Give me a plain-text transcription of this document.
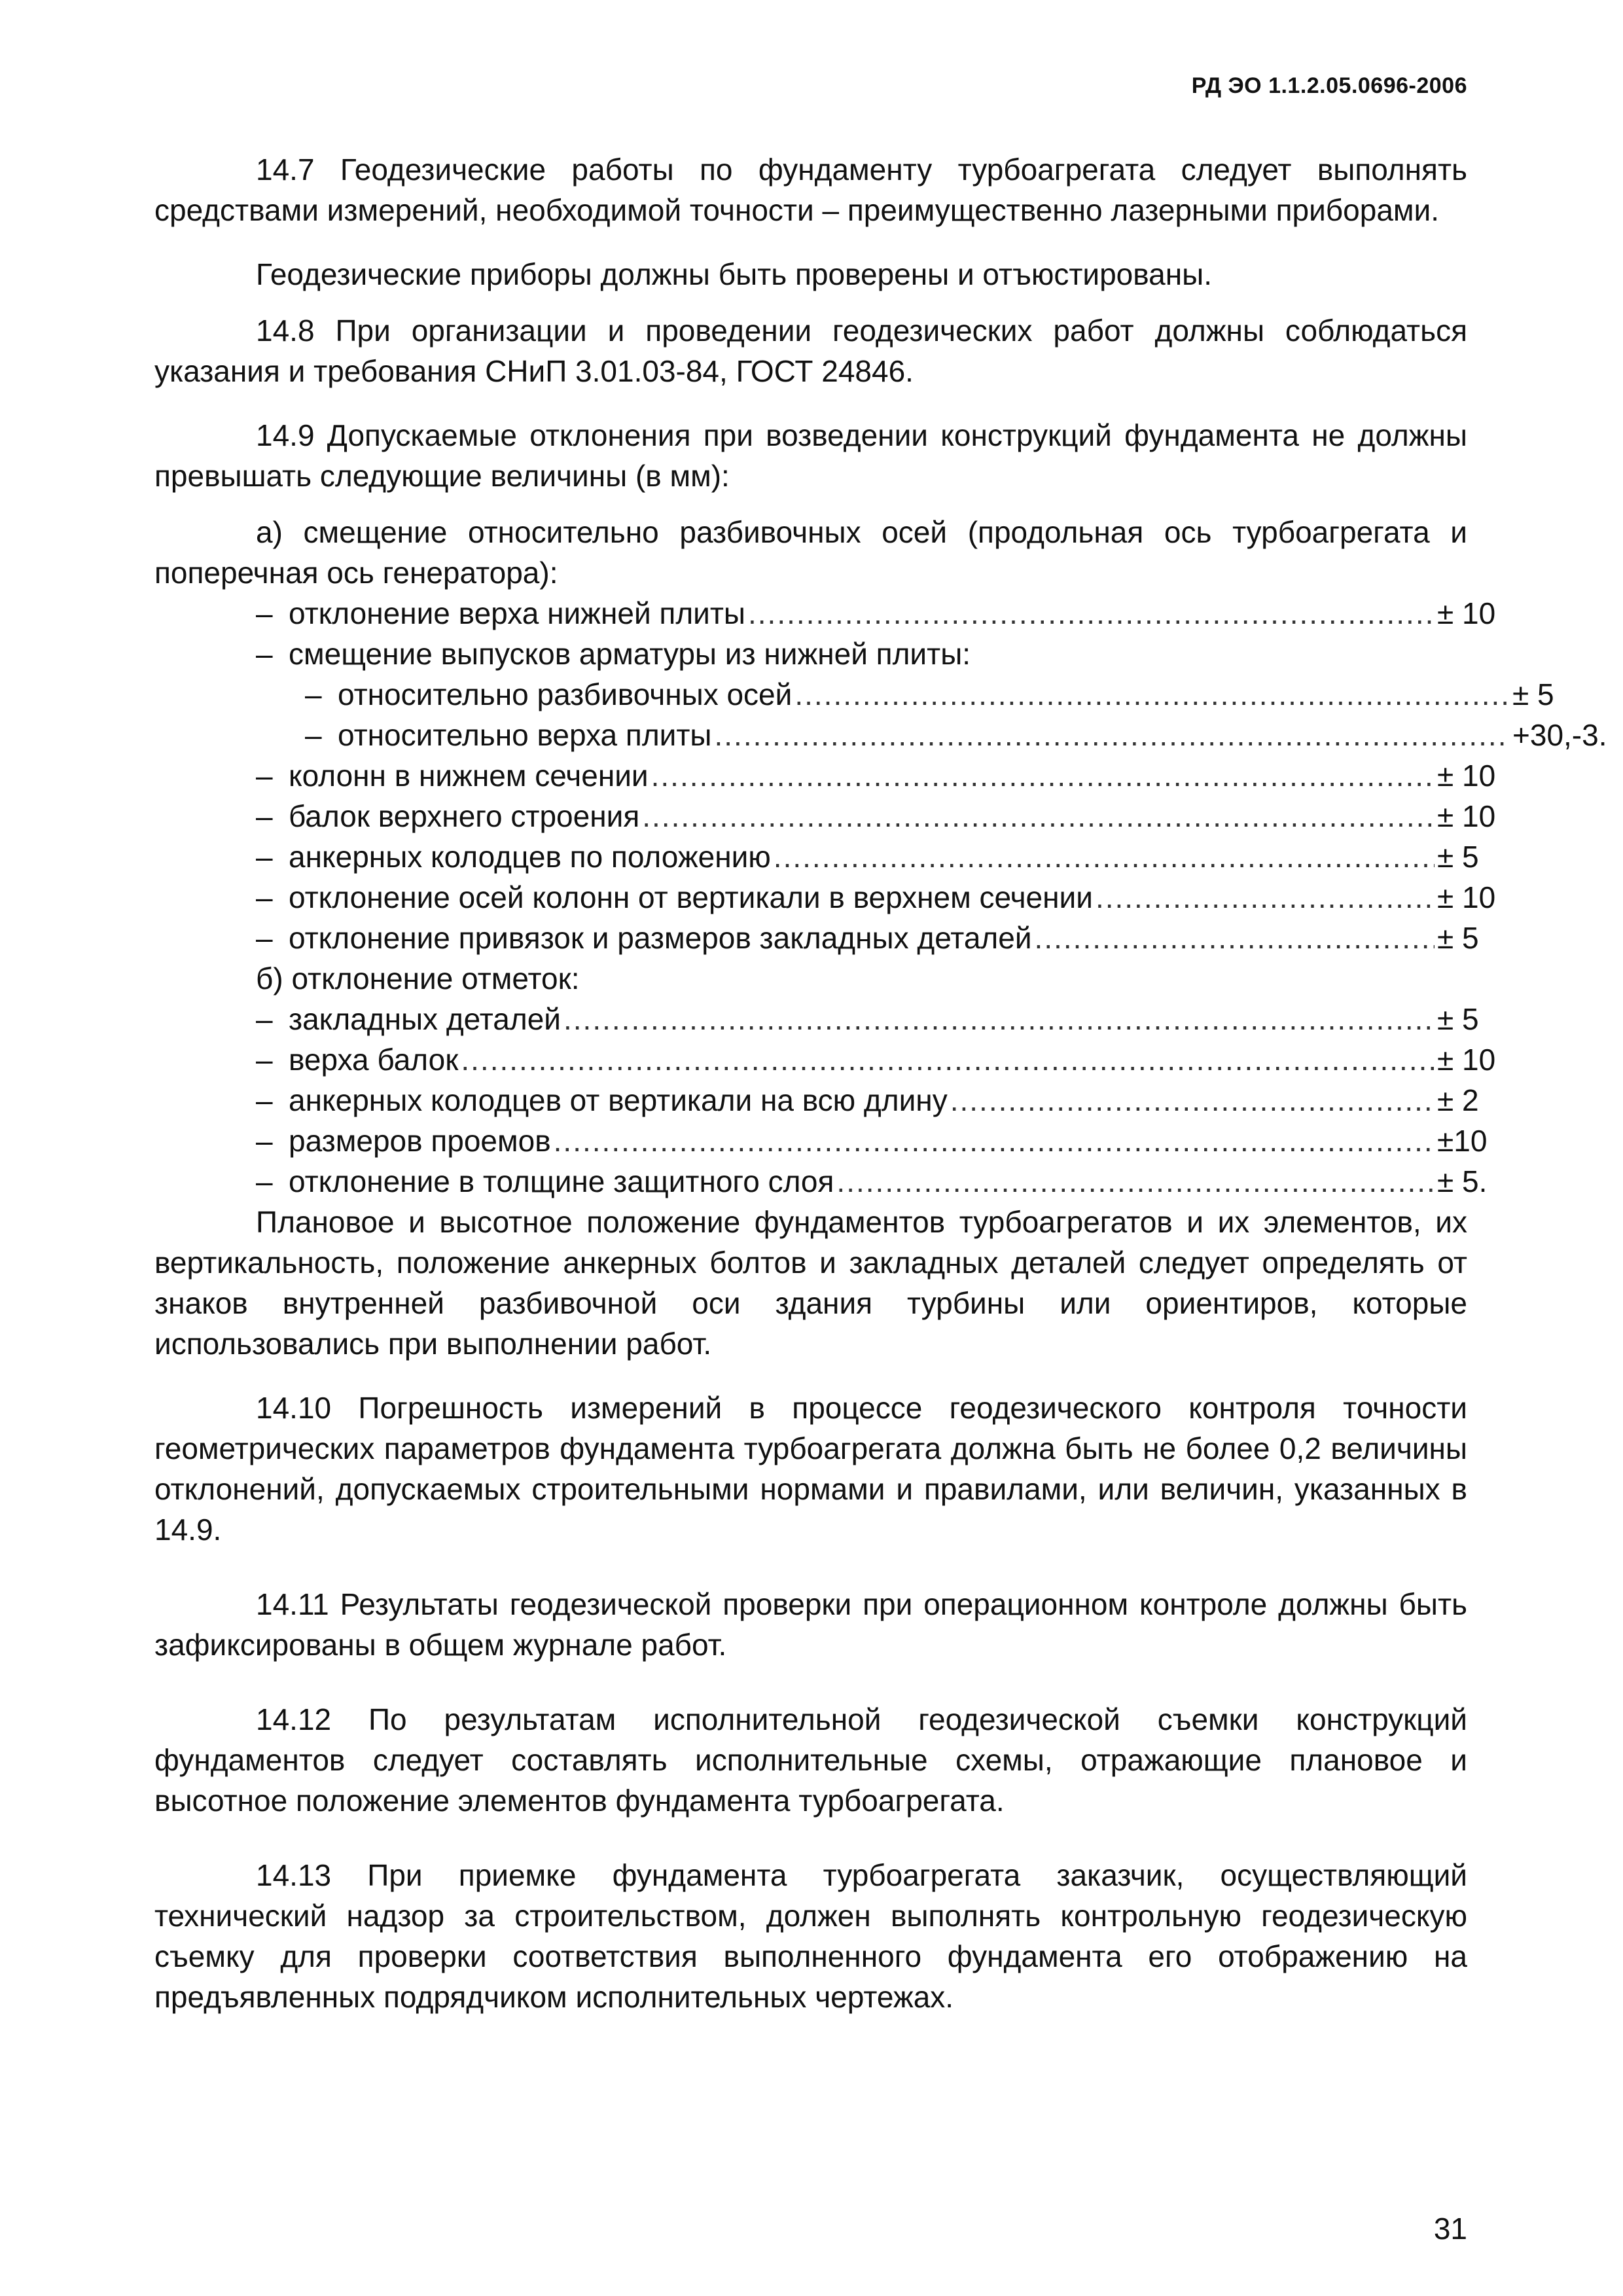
РД ЭО 1.1.2.05.0696-2006

14.7 Геодезические работы по фундаменту турбоагрегата следует выполнять средствами измерений, необходимой точности – преимущественно лазерными приборами.

Геодезические приборы должны быть проверены и отъюстированы.

14.8 При организации и проведении геодезических работ должны соблюдаться указания и требования СНиП 3.01.03-84, ГОСТ 24846.

14.9 Допускаемые отклонения при возведении конструкций фундамента не должны превышать следующие величины (в мм):

а) смещение относительно разбивочных осей (продольная ось турбоагрегата и поперечная ось генератора):

– отклонение верха нижней плиты .....	± 10
– смещение выпусков арматуры из нижней плиты:
– относительно разбивочных осей .....	± 5
– относительно верха плиты .....	+30,-3.
– колонн в нижнем сечении .....	± 10
– балок верхнего строения .....	± 10
– анкерных колодцев по положению .....	± 5
– отклонение осей колонн от вертикали в верхнем сечении .....	± 10
– отклонение привязок и размеров закладных деталей .....	± 5
б) отклонение отметок:
– закладных деталей .....	± 5
– верха балок .....	± 10
– анкерных колодцев от вертикали на всю длину .....	± 2
– размеров проемов .....	±10
– отклонение в толщине защитного слоя .....	± 5.

Плановое и высотное положение фундаментов турбоагрегатов и их элементов, их вертикальность, положение анкерных болтов и закладных деталей следует определять от знаков внутренней разбивочной оси здания турбины или ориентиров, которые использовались при выполнении работ.

14.10 Погрешность измерений в процессе геодезического контроля точности геометрических параметров фундамента турбоагрегата должна быть не более 0,2 величины отклонений, допускаемых строительными нормами и правилами, или величин, указанных в 14.9.

14.11 Результаты геодезической проверки при операционном контроле должны быть зафиксированы в общем журнале работ.

14.12 По результатам исполнительной геодезической съемки конструкций фундаментов следует составлять исполнительные схемы, отражающие плановое и высотное положение элементов фундамента турбоагрегата.

14.13 При приемке фундамента турбоагрегата заказчик, осуществляющий технический надзор за строительством, должен выполнять контрольную геодезическую съемку для проверки соответствия выполненного фундамента его отображению на предъявленных подрядчиком исполнительных чертежах.

31
